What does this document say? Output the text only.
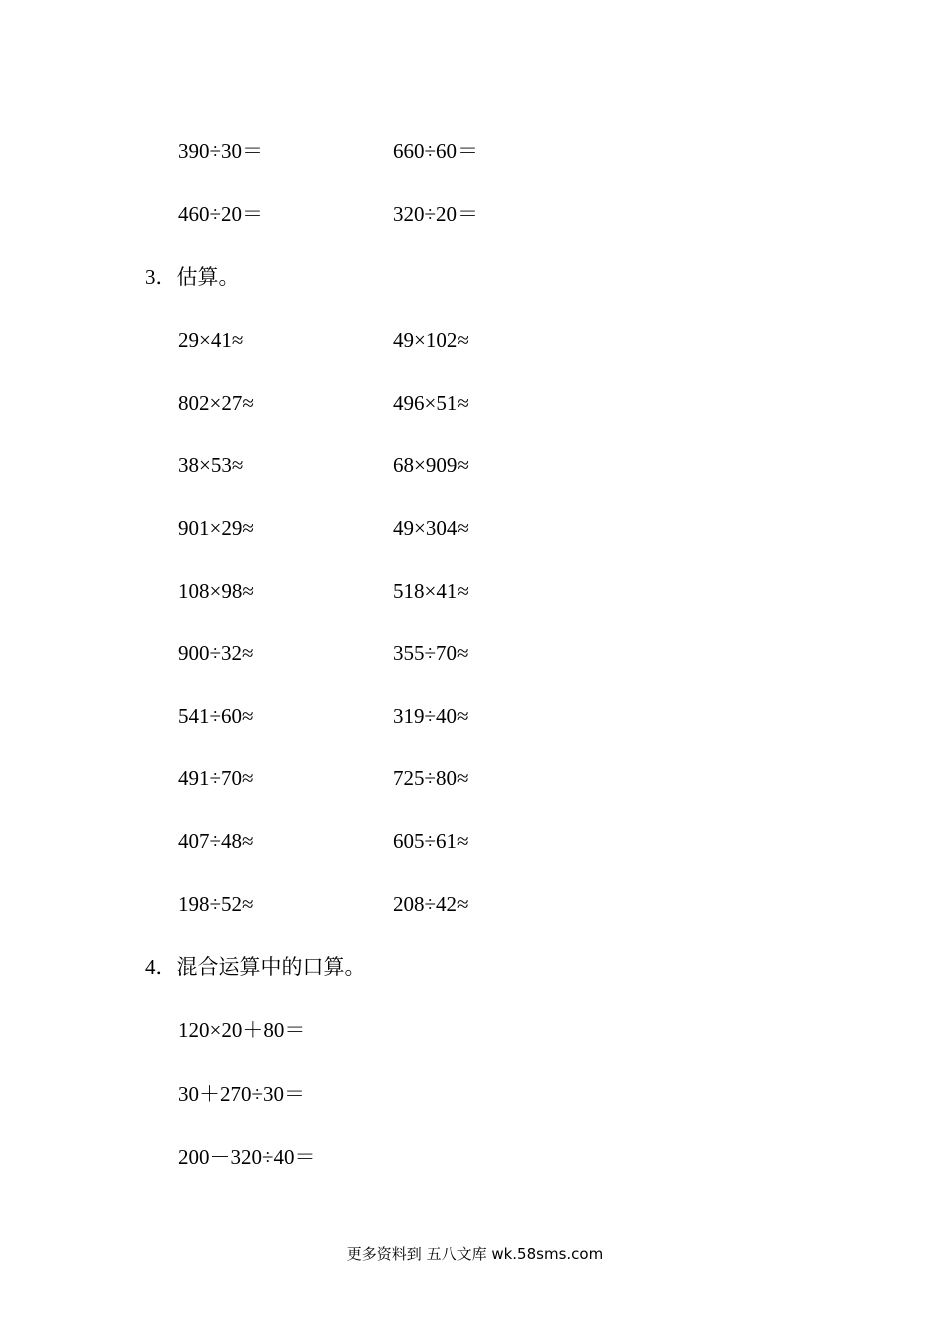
390÷30＝	660÷60＝
460÷20＝	320÷20＝
3．估算。
29×41≈	49×102≈
802×27≈	496×51≈
38×53≈	68×909≈
901×29≈	49×304≈
108×98≈	518×41≈
900÷32≈	355÷70≈
541÷60≈	319÷40≈
491÷70≈	725÷80≈
407÷48≈	605÷61≈
198÷52≈	208÷42≈
4．混合运算中的口算。
120×20＋80＝
30＋270÷30＝
200－320÷40＝
更多资料到 五八文库 wk.58sms.com
